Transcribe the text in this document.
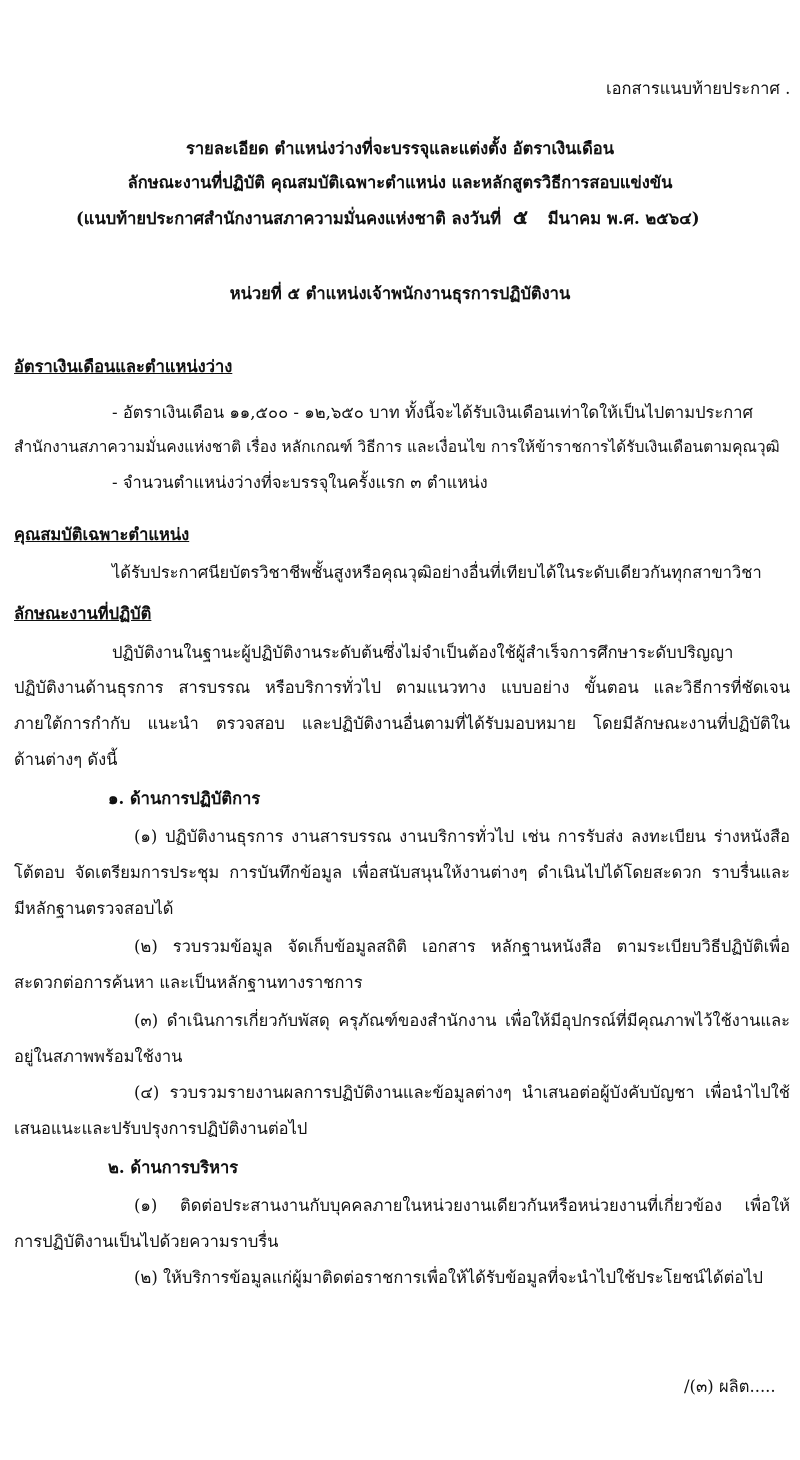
เอกสารแนบท้ายประกาศ .
รายละเอียด ตำแหน่งว่างที่จะบรรจุและแต่งตั้ง อัตราเงินเดือน
ลักษณะงานที่ปฏิบัติ คุณสมบัติเฉพาะตำแหน่ง และหลักสูตรวิธีการสอบแข่งขัน
(แนบท้ายประกาศสำนักงานสภาความมั่นคงแห่งชาติ ลงวันที่ ๕ มีนาคม พ.ศ. ๒๕๖๔)
หน่วยที่ ๕ ตำแหน่งเจ้าพนักงานธุรการปฏิบัติงาน
อัตราเงินเดือนและตำแหน่งว่าง
- อัตราเงินเดือน ๑๑,๕๐๐ - ๑๒,๖๕๐ บาท ทั้งนี้จะได้รับเงินเดือนเท่าใดให้เป็นไปตามประกาศ
สำนักงานสภาความมั่นคงแห่งชาติ เรื่อง หลักเกณฑ์ วิธีการ และเงื่อนไข การให้ข้าราชการได้รับเงินเดือนตามคุณวุฒิ
- จำนวนตำแหน่งว่างที่จะบรรจุในครั้งแรก ๓ ตำแหน่ง
คุณสมบัติเฉพาะตำแหน่ง
ได้รับประกาศนียบัตรวิชาชีพชั้นสูงหรือคุณวุฒิอย่างอื่นที่เทียบได้ในระดับเดียวกันทุกสาขาวิชา
ลักษณะงานที่ปฏิบัติ
ปฏิบัติงานในฐานะผู้ปฏิบัติงานระดับต้นซึ่งไม่จำเป็นต้องใช้ผู้สำเร็จการศึกษาระดับปริญญา
ปฏิบัติงานด้านธุรการ สารบรรณ หรือบริการทั่วไป ตามแนวทาง แบบอย่าง ขั้นตอน และวิธีการที่ชัดเจน
ภายใต้การกำกับ แนะนำ ตรวจสอบ และปฏิบัติงานอื่นตามที่ได้รับมอบหมาย โดยมีลักษณะงานที่ปฏิบัติใน
ด้านต่างๆ ดังนี้
๑. ด้านการปฏิบัติการ
(๑) ปฏิบัติงานธุรการ งานสารบรรณ งานบริการทั่วไป เช่น การรับส่ง ลงทะเบียน ร่างหนังสือ
โต้ตอบ จัดเตรียมการประชุม การบันทึกข้อมูล เพื่อสนับสนุนให้งานต่างๆ ดำเนินไปได้โดยสะดวก ราบรื่นและ
มีหลักฐานตรวจสอบได้
(๒) รวบรวมข้อมูล จัดเก็บข้อมูลสถิติ เอกสาร หลักฐานหนังสือ ตามระเบียบวิธีปฏิบัติเพื่อ
สะดวกต่อการค้นหา และเป็นหลักฐานทางราชการ
(๓) ดำเนินการเกี่ยวกับพัสดุ ครุภัณฑ์ของสำนักงาน เพื่อให้มีอุปกรณ์ที่มีคุณภาพไว้ใช้งานและ
อยู่ในสภาพพร้อมใช้งาน
(๔) รวบรวมรายงานผลการปฏิบัติงานและข้อมูลต่างๆ นำเสนอต่อผู้บังคับบัญชา เพื่อนำไปใช้
เสนอแนะและปรับปรุงการปฏิบัติงานต่อไป
๒. ด้านการบริหาร
(๑) ติดต่อประสานงานกับบุคคลภายในหน่วยงานเดียวกันหรือหน่วยงานที่เกี่ยวข้อง เพื่อให้
การปฏิบัติงานเป็นไปด้วยความราบรื่น
(๒) ให้บริการข้อมูลแก่ผู้มาติดต่อราชการเพื่อให้ได้รับข้อมูลที่จะนำไปใช้ประโยชน์ได้ต่อไป
/(๓) ผลิต.....
